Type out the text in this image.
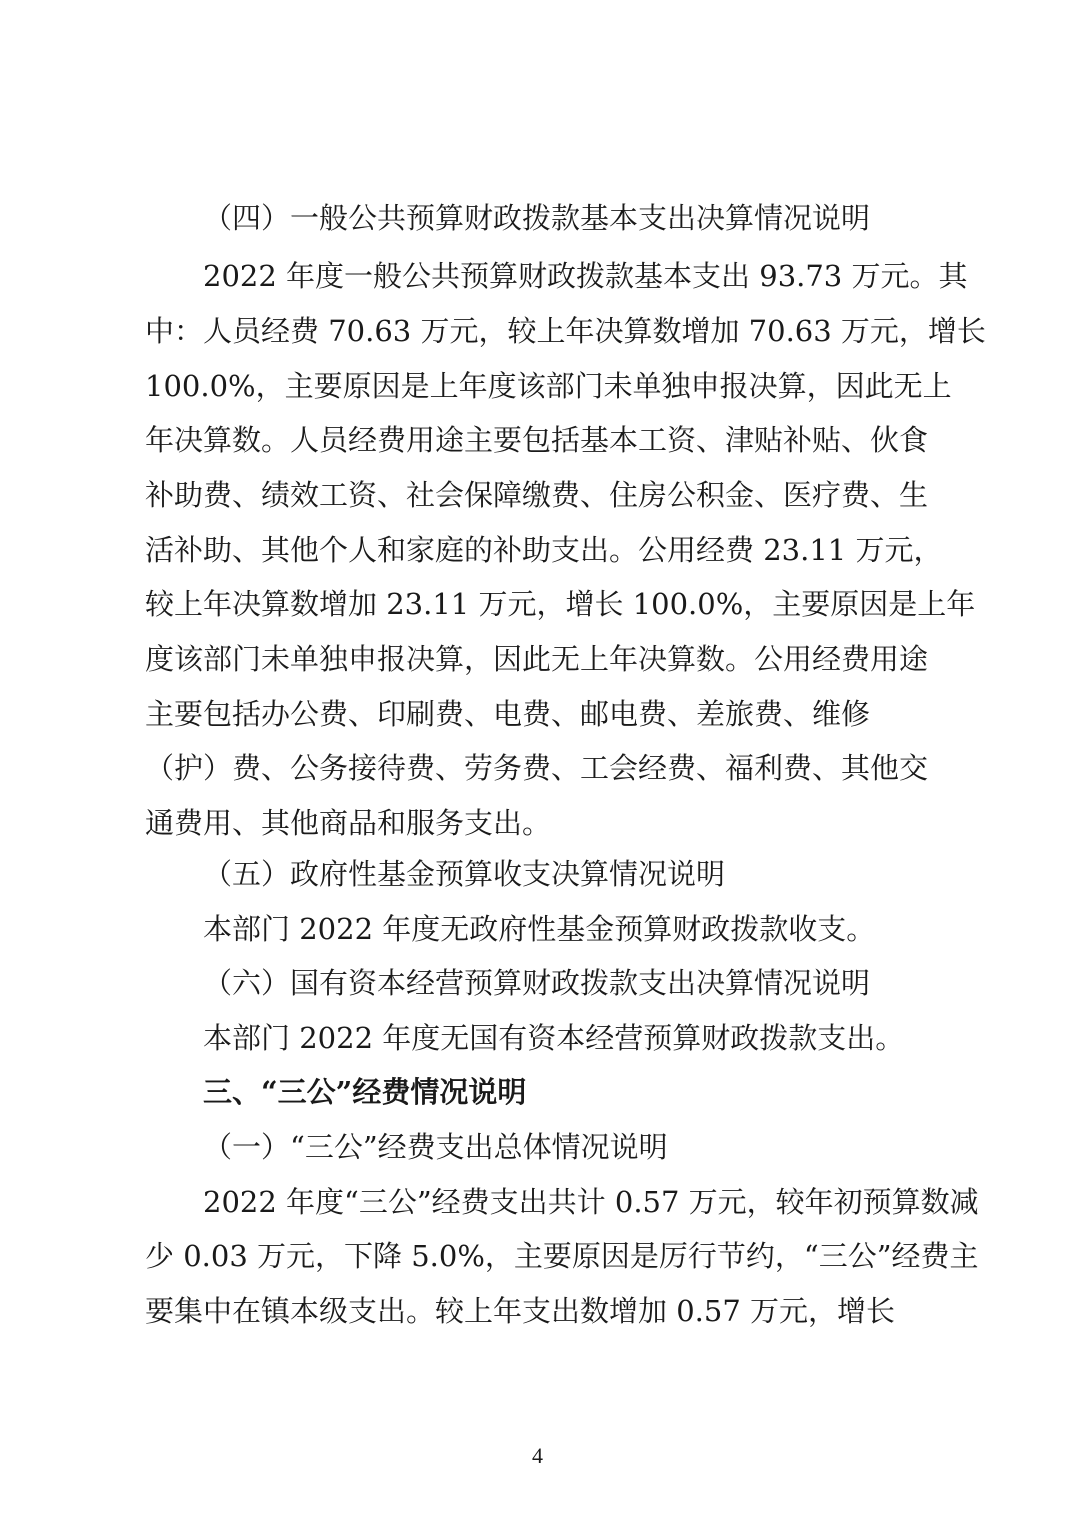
（四）一般公共预算财政拨款基本支出决算情况说明
2022 年度一般公共预算财政拨款基本支出 93.73 万元。其
中：人员经费 70.63 万元，较上年决算数增加 70.63 万元，增长
100.0%，主要原因是上年度该部门未单独申报决算，因此无上
年决算数。人员经费用途主要包括基本工资、津贴补贴、伙食
补助费、绩效工资、社会保障缴费、住房公积金、医疗费、生
活补助、其他个人和家庭的补助支出。公用经费 23.11 万元，
较上年决算数增加 23.11 万元，增长 100.0%，主要原因是上年
度该部门未单独申报决算，因此无上年决算数。公用经费用途
主要包括办公费、印刷费、电费、邮电费、差旅费、维修
（护）费、公务接待费、劳务费、工会经费、福利费、其他交
通费用、其他商品和服务支出。
（五）政府性基金预算收支决算情况说明
本部门 2022 年度无政府性基金预算财政拨款收支。
（六）国有资本经营预算财政拨款支出决算情况说明
本部门 2022 年度无国有资本经营预算财政拨款支出。
三、“三公”经费情况说明
（一）“三公”经费支出总体情况说明
2022 年度“三公”经费支出共计 0.57 万元，较年初预算数减
少 0.03 万元，下降 5.0%，主要原因是厉行节约，“三公”经费主
要集中在镇本级支出。较上年支出数增加 0.57 万元，增长
4
